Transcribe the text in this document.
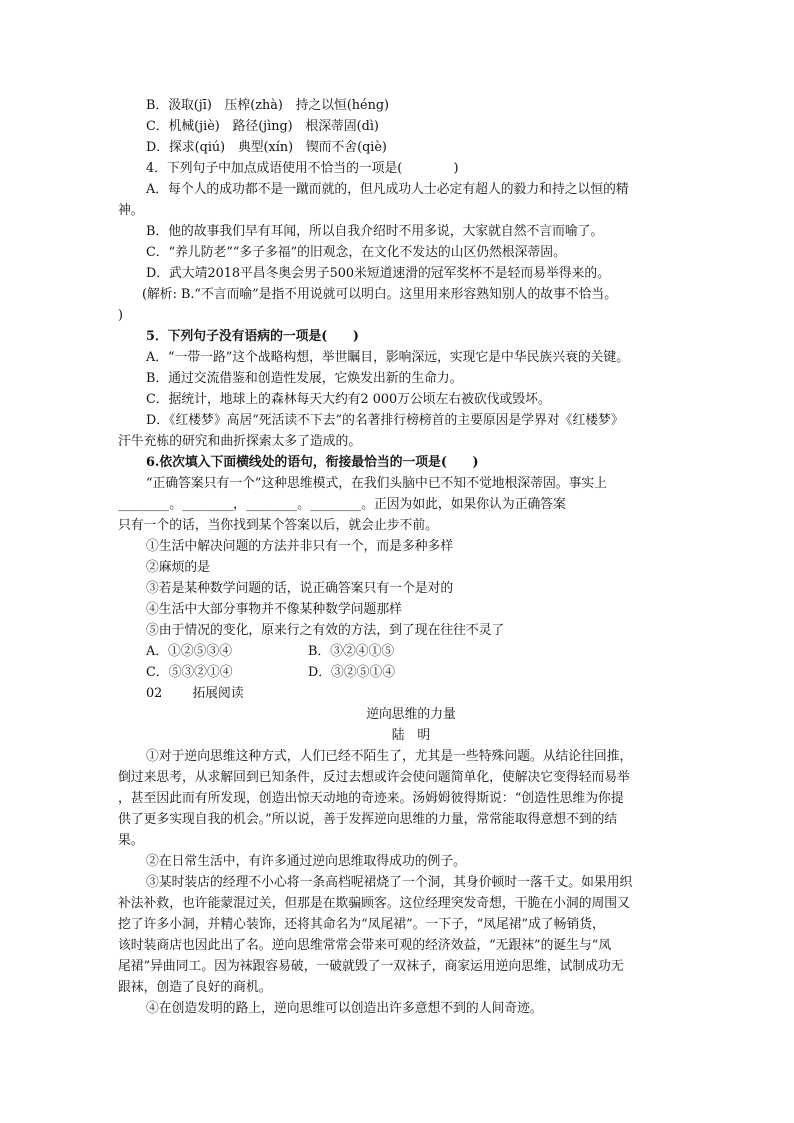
B．汲取(jī)　压榨(zhà)　持之以恒(héng)
C．机械(jiè)　路径(jìng)　根深蒂固(dì)
D．探求(qiú)　典型(xín)　锲而不舍(qiè)
4．下列句子中加点成语使用不恰当的一项是(　　　　)
A．每个人的成功都不是一蹴而就的，但凡成功人士必定有超人的毅力和持之以恒的精
神。
B．他的故事我们早有耳闻，所以自我介绍时不用多说，大家就自然不言而喻了。
C．“养儿防老”“多子多福”的旧观念，在文化不发达的山区仍然根深蒂固。
D．武大靖2018平昌冬奥会男子500米短道速滑的冠军奖杯不是轻而易举得来的。
(解析: B.“不言而喻”是指不用说就可以明白。这里用来形容熟知别人的故事不恰当。
)
5．下列句子没有语病的一项是(　　)
A．“一带一路”这个战略构想，举世瞩目，影响深远，实现它是中华民族兴衰的关键。
B．通过交流借鉴和创造性发展，它焕发出新的生命力。
C．据统计，地球上的森林每天大约有2 000万公顷左右被砍伐或毁坏。
D．《红楼梦》高居“死活读不下去”的名著排行榜榜首的主要原因是学界对《红楼梦》
汗牛充栋的研究和曲折探索太多了造成的。
6.依次填入下面横线处的语句，衔接最恰当的一项是(　　)
“正确答案只有一个”这种思维模式，在我们头脑中已不知不觉地根深蒂固。事实上
________。________，________。________。正因为如此，如果你认为正确答案
只有一个的话，当你找到某个答案以后，就会止步不前。
①生活中解决问题的方法并非只有一个，而是多种多样
②麻烦的是
③若是某种数学问题的话，说正确答案只有一个是对的
④生活中大部分事物并不像某种数学问题那样
⑤由于情况的变化，原来行之有效的方法，到了现在往往不灵了
A．①②⑤③④	B．③②④①⑤
C．⑤③②①④	D．③②⑤①④
02 拓展阅读
逆向思维的力量
陆　明
①对于逆向思维这种方式，人们已经不陌生了，尤其是一些特殊问题。从结论往回推，
倒过来思考，从求解回到已知条件，反过去想或许会使问题简单化，使解决它变得轻而易举
，甚至因此而有所发现，创造出惊天动地的奇迹来。汤姆姆彼得斯说：“创造性思维为你提
供了更多实现自我的机会。”所以说，善于发挥逆向思维的力量，常常能取得意想不到的结
果。
②在日常生活中，有许多通过逆向思维取得成功的例子。
③某时装店的经理不小心将一条高档呢裙烧了一个洞，其身价顿时一落千丈。如果用织
补法补救，也许能蒙混过关，但那是在欺骗顾客。这位经理突发奇想，干脆在小洞的周围又
挖了许多小洞，并精心装饰，还将其命名为“凤尾裙”。一下子，“凤尾裙”成了畅销货，
该时装商店也因此出了名。逆向思维常常会带来可观的经济效益，“无跟袜”的诞生与“凤
尾裙”异曲同工。因为袜跟容易破，一破就毁了一双袜子，商家运用逆向思维，试制成功无
跟袜，创造了良好的商机。
④在创造发明的路上，逆向思维可以创造出许多意想不到的人间奇迹。
